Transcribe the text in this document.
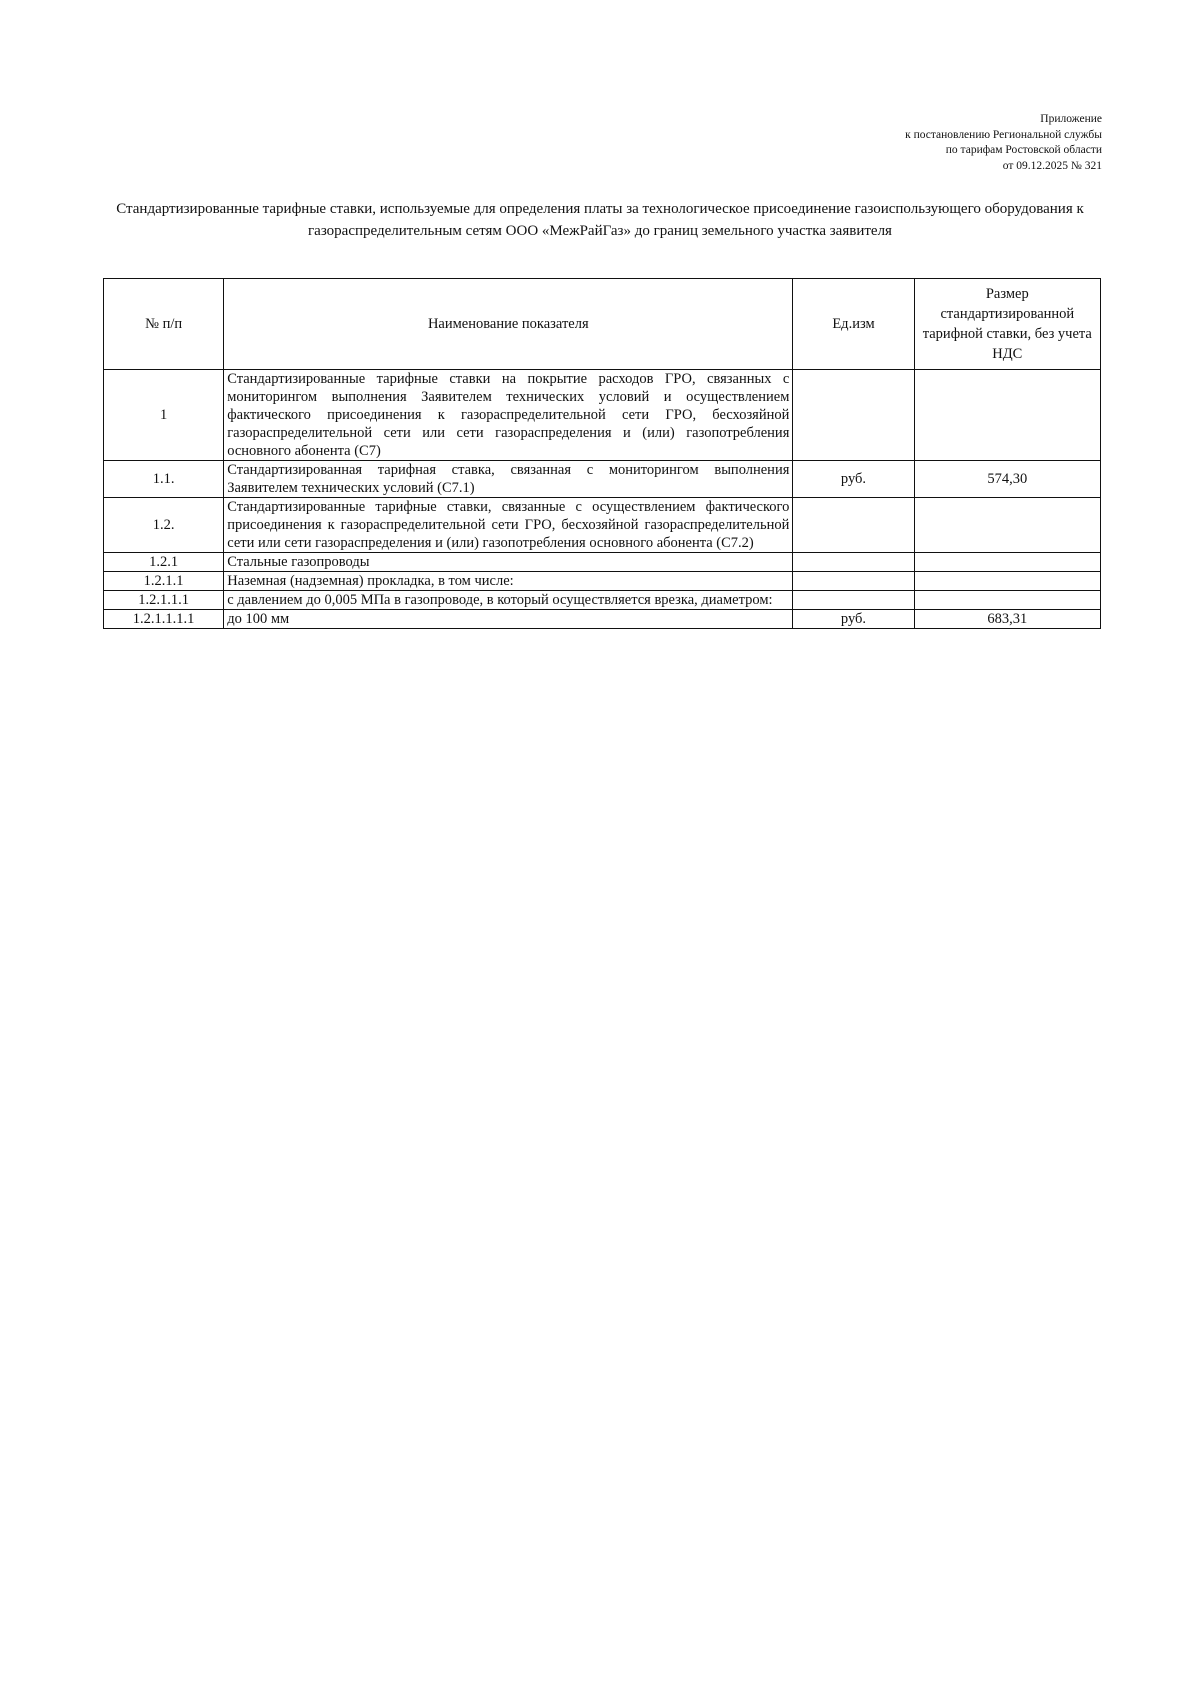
Приложение
к постановлению Региональной службы
по тарифам Ростовской области
от 09.12.2025 № 321
Стандартизированные тарифные ставки, используемые для определения платы за технологическое присоединение газоиспользующего оборудования к газораспределительным сетям ООО «МежРайГаз» до границ земельного участка заявителя
№ п/п	Наименование показателя	Ед.изм	Размер стандартизированной тарифной ставки, без учета НДС
1	Стандартизированные тарифные ставки на покрытие расходов ГРО, связанных с мониторингом выполнения Заявителем технических условий и осуществлением фактического присоединения к газораспределительной сети ГРО, бесхозяйной газораспределительной сети или сети газораспределения и (или) газопотребления основного абонента (С7)		
1.1.	Стандартизированная тарифная ставка, связанная с мониторингом выполнения Заявителем технических условий (С7.1)	руб.	574,30
1.2.	Стандартизированные тарифные ставки, связанные с осуществлением фактического присоединения к газораспределительной сети ГРО, бесхозяйной газораспределительной сети или сети газораспределения и (или) газопотребления основного абонента (С7.2)		
1.2.1	Стальные газопроводы		
1.2.1.1	Наземная (надземная) прокладка, в том числе:		
1.2.1.1.1	с давлением до 0,005 МПа в газопроводе, в который осуществляется врезка, диаметром:		
1.2.1.1.1.1	до 100 мм	руб.	683,31
